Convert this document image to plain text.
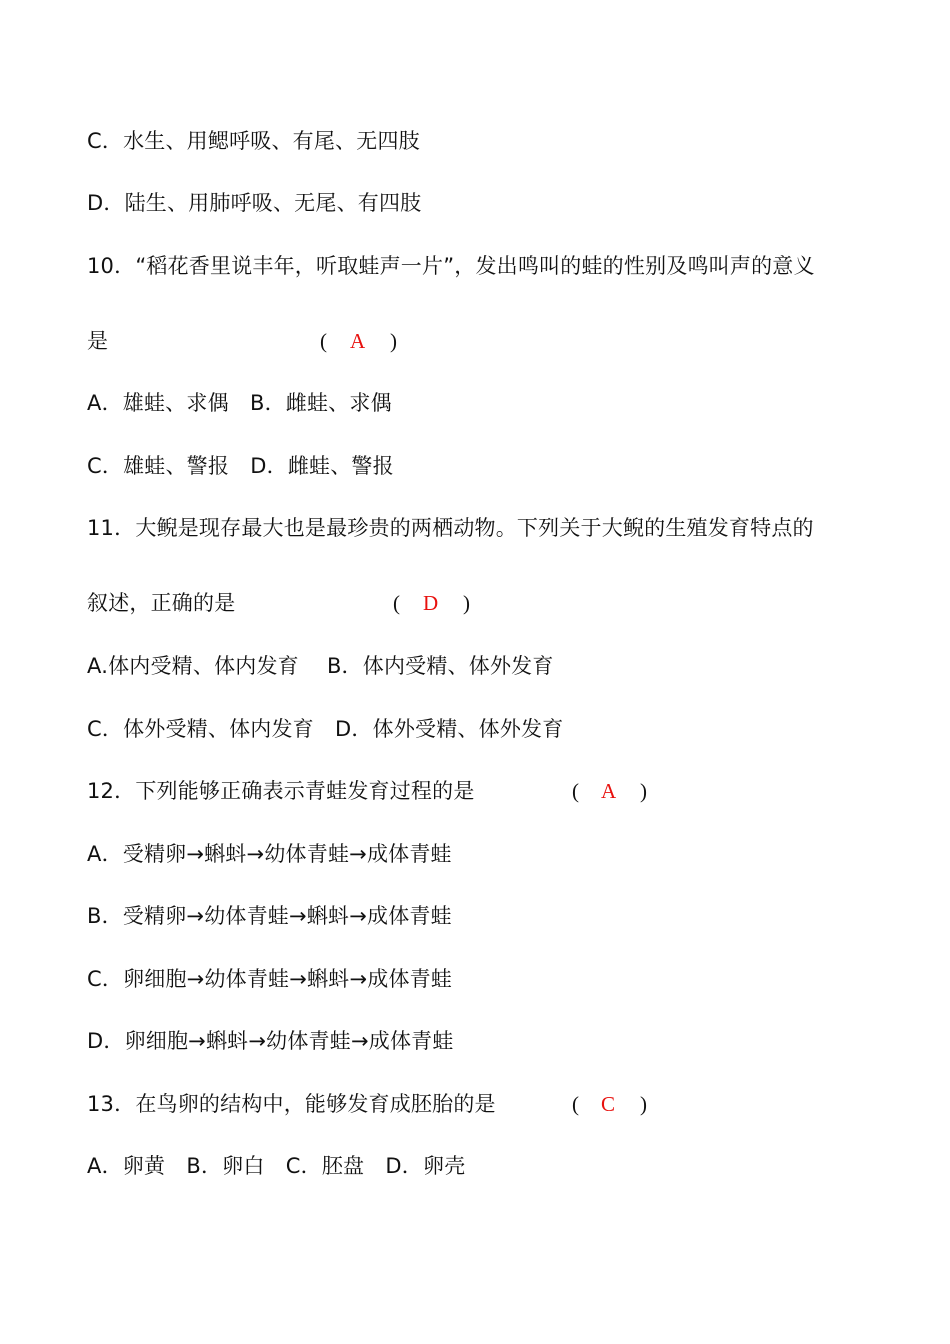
C．水生、用鳃呼吸、有尾、无四肢
D．陆生、用肺呼吸、无尾、有四肢
10．“稻花香里说丰年，听取蛙声一片”，发出鸣叫的蛙的性别及鸣叫声的意义
是	( A )
A．雄蛙、求偶　B．雌蛙、求偶
C．雄蛙、警报　D．雌蛙、警报
11．大鲵是现存最大也是最珍贵的两栖动物。下列关于大鲵的生殖发育特点的
叙述，正确的是	( D )
A.体内受精、体内发育　 B．体内受精、体外发育
C．体外受精、体内发育　D．体外受精、体外发育
12．下列能够正确表示青蛙发育过程的是	( A )
A．受精卵→蝌蚪→幼体青蛙→成体青蛙
B．受精卵→幼体青蛙→蝌蚪→成体青蛙
C．卵细胞→幼体青蛙→蝌蚪→成体青蛙
D．卵细胞→蝌蚪→幼体青蛙→成体青蛙
13．在鸟卵的结构中，能够发育成胚胎的是	( C )
A．卵黄　B．卵白　C．胚盘　D．卵壳
